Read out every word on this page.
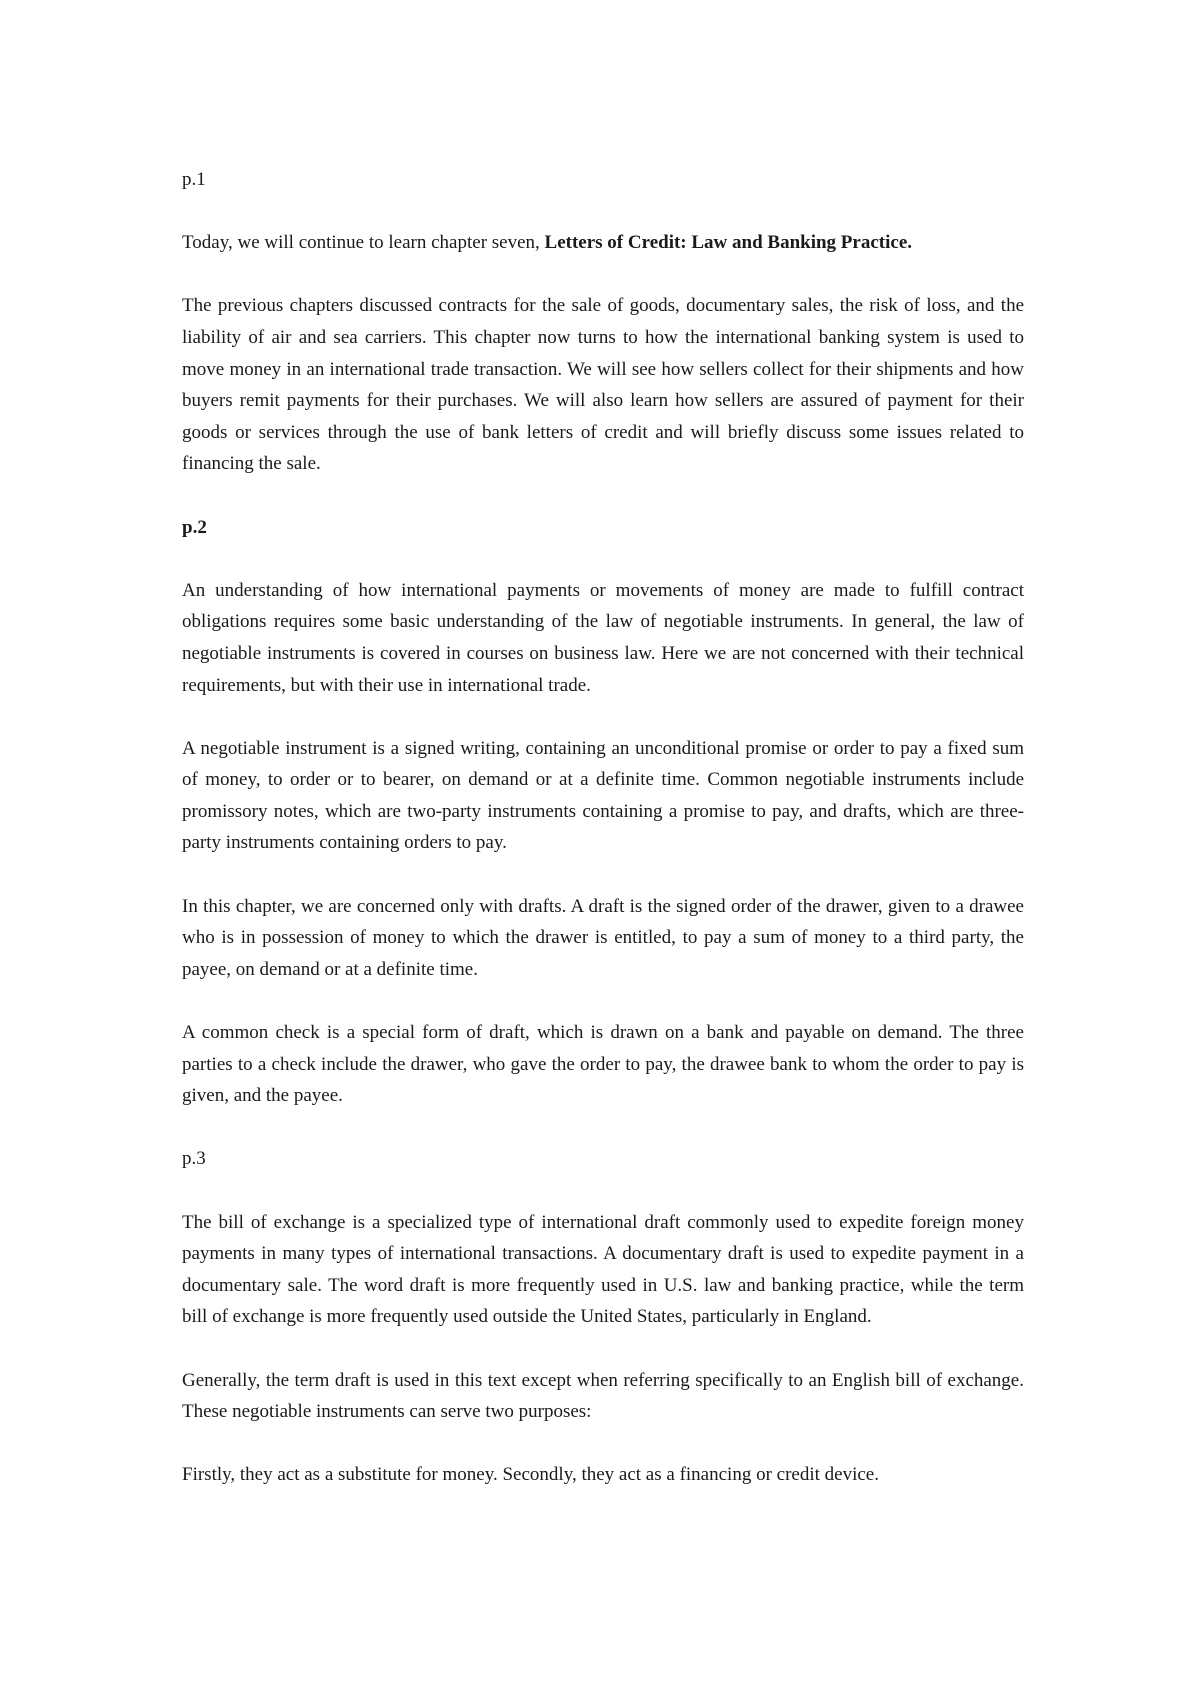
p.1

Today, we will continue to learn chapter seven, Letters of Credit: Law and Banking Practice.

The previous chapters discussed contracts for the sale of goods, documentary sales, the risk of loss, and the liability of air and sea carriers. This chapter now turns to how the international banking system is used to move money in an international trade transaction. We will see how sellers collect for their shipments and how buyers remit payments for their purchases. We will also learn how sellers are assured of payment for their goods or services through the use of bank letters of credit and will briefly discuss some issues related to financing the sale.

p.2

An understanding of how international payments or movements of money are made to fulfill contract obligations requires some basic understanding of the law of negotiable instruments. In general, the law of negotiable instruments is covered in courses on business law. Here we are not concerned with their technical requirements, but with their use in international trade.

A negotiable instrument is a signed writing, containing an unconditional promise or order to pay a fixed sum of money, to order or to bearer, on demand or at a definite time. Common negotiable instruments include promissory notes, which are two-party instruments containing a promise to pay, and drafts, which are three-party instruments containing orders to pay.

In this chapter, we are concerned only with drafts. A draft is the signed order of the drawer, given to a drawee who is in possession of money to which the drawer is entitled, to pay a sum of money to a third party, the payee, on demand or at a definite time.

A common check is a special form of draft, which is drawn on a bank and payable on demand. The three parties to a check include the drawer, who gave the order to pay, the drawee bank to whom the order to pay is given, and the payee.

p.3

The bill of exchange is a specialized type of international draft commonly used to expedite foreign money payments in many types of international transactions. A documentary draft is used to expedite payment in a documentary sale. The word draft is more frequently used in U.S. law and banking practice, while the term bill of exchange is more frequently used outside the United States, particularly in England.

Generally, the term draft is used in this text except when referring specifically to an English bill of exchange. These negotiable instruments can serve two purposes:

Firstly, they act as a substitute for money. Secondly, they act as a financing or credit device.
